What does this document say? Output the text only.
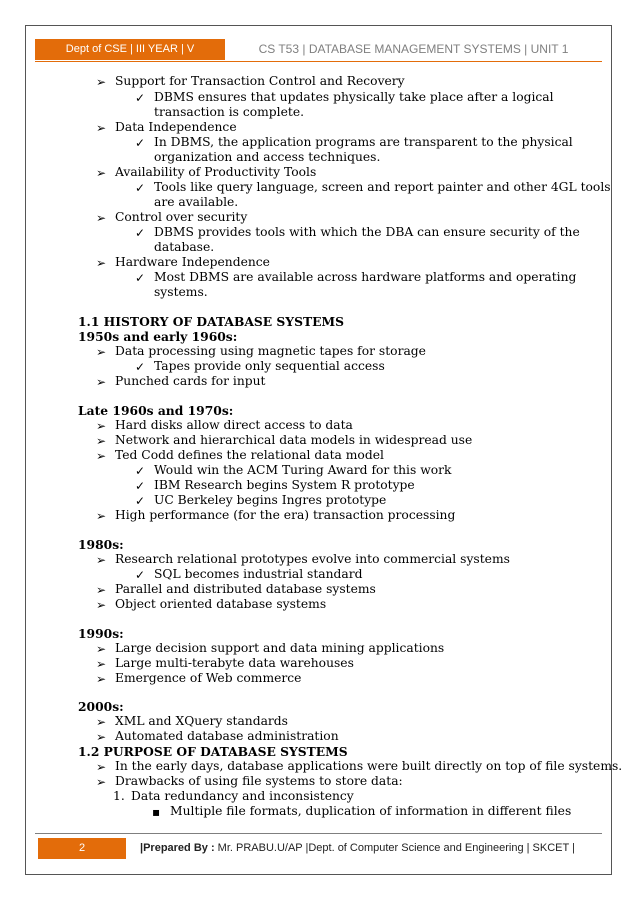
Dept of CSE | III YEAR | V SEMESTER
CS T53 | DATABASE MANAGEMENT SYSTEMS | UNIT 1
Support for Transaction Control and Recovery
➢
DBMS ensures that updates physically take place after a logical
✓
transaction is complete.
Data Independence
➢
In DBMS, the application programs are transparent to the physical
✓
organization and access techniques.
Availability of Productivity Tools
➢
Tools like query language, screen and report painter and other 4GL tools
✓
are available.
Control over security
➢
DBMS provides tools with which the DBA can ensure security of the
✓
database.
Hardware Independence
➢
Most DBMS are available across hardware platforms and operating
✓
systems.
1.1 HISTORY OF DATABASE SYSTEMS
1950s and early 1960s:
Data processing using magnetic tapes for storage
➢
Tapes provide only sequential access
✓
Punched cards for input
➢
Late 1960s and 1970s:
Hard disks allow direct access to data
➢
Network and hierarchical data models in widespread use
➢
Ted Codd defines the relational data model
➢
Would win the ACM Turing Award for this work
✓
IBM Research begins System R prototype
✓
UC Berkeley begins Ingres prototype
✓
High performance (for the era) transaction processing
➢
1980s:
Research relational prototypes evolve into commercial systems
➢
SQL becomes industrial standard
✓
Parallel and distributed database systems
➢
Object oriented database systems
➢
1990s:
Large decision support and data mining applications
➢
Large multi-terabyte data warehouses
➢
Emergence of Web commerce
➢
2000s:
XML and XQuery standards
➢
Automated database administration
➢
1.2 PURPOSE OF DATABASE SYSTEMS
In the early days, database applications were built directly on top of file systems.
➢
Drawbacks of using file systems to store data:
➢
Data redundancy and inconsistency
1.
Multiple file formats, duplication of information in different files
▪
2	|Prepared By : Mr. PRABU.U/AP |Dept. of Computer Science and Engineering | SKCET |
